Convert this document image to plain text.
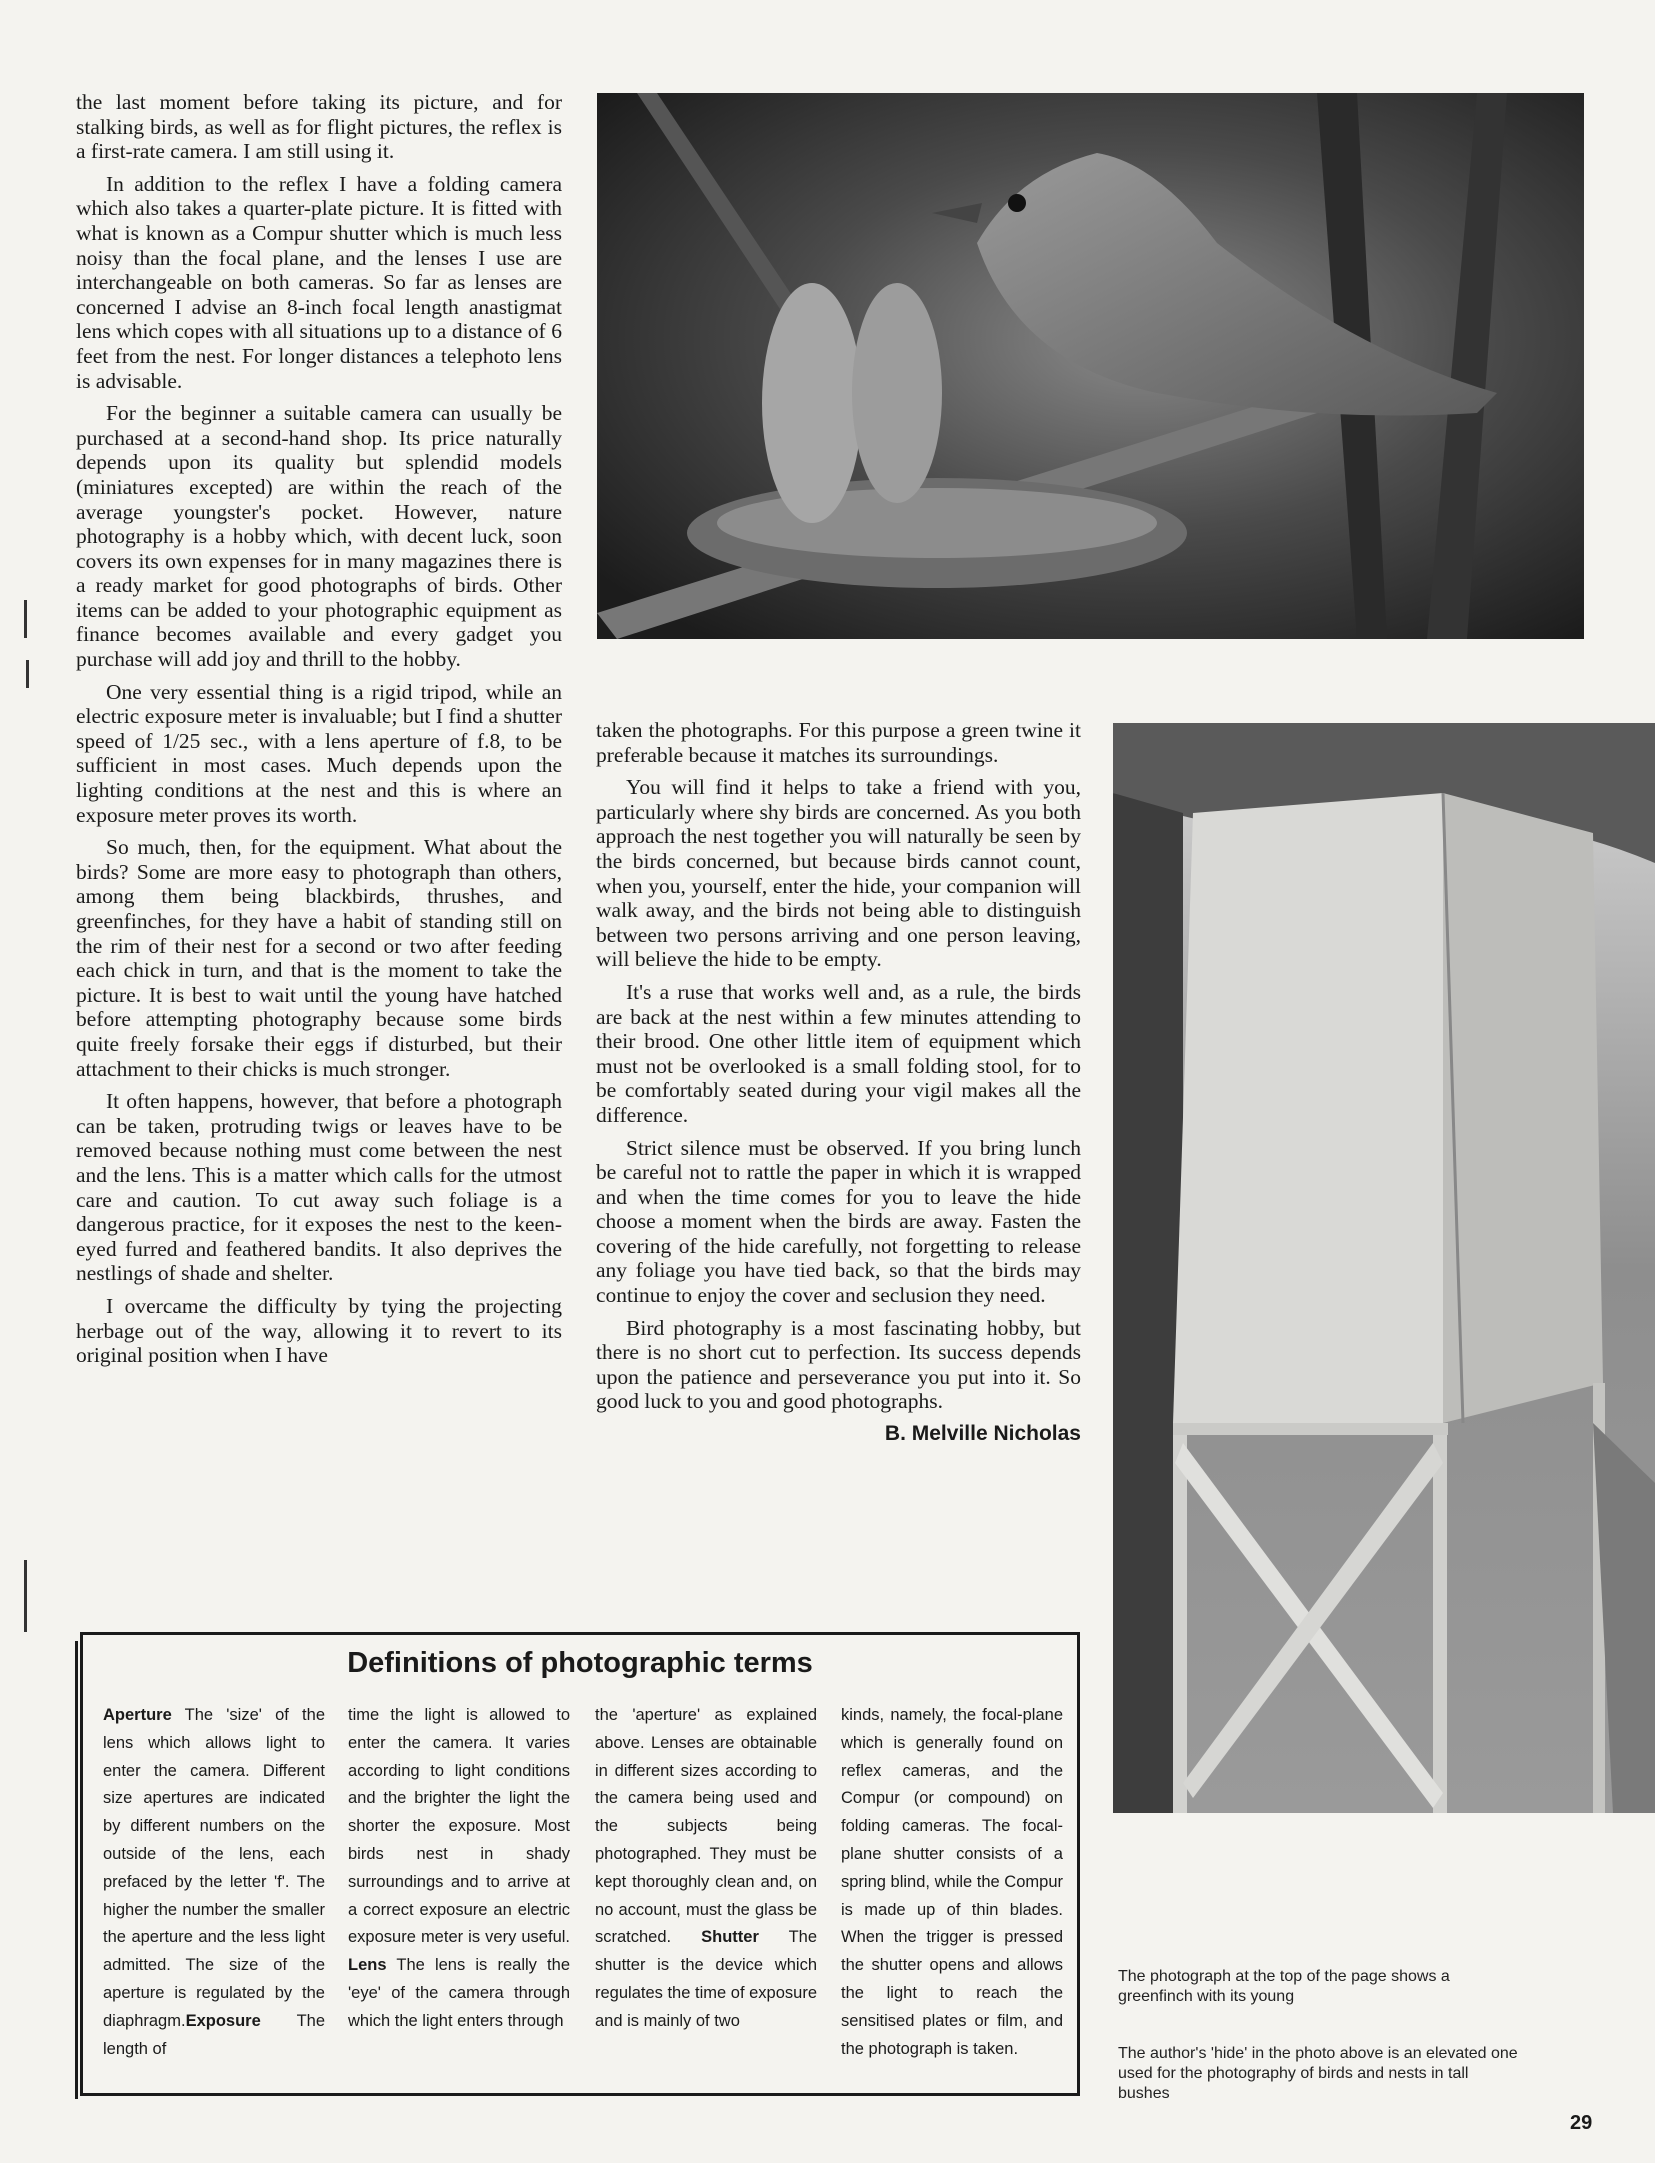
the last moment before taking its picture, and for stalking birds, as well as for flight pictures, the reflex is a first-rate camera. I am still using it.

In addition to the reflex I have a folding camera which also takes a quarter-plate picture. It is fitted with what is known as a Compur shutter which is much less noisy than the focal plane, and the lenses I use are interchangeable on both cameras. So far as lenses are concerned I advise an 8-inch focal length anastigmat lens which copes with all situations up to a distance of 6 feet from the nest. For longer distances a telephoto lens is advisable.

For the beginner a suitable camera can usually be purchased at a second-hand shop. Its price naturally depends upon its quality but splendid models (miniatures excepted) are within the reach of the average youngster's pocket. However, nature photography is a hobby which, with decent luck, soon covers its own expenses for in many magazines there is a ready market for good photographs of birds. Other items can be added to your photographic equipment as finance becomes available and every gadget you purchase will add joy and thrill to the hobby.

One very essential thing is a rigid tripod, while an electric exposure meter is invaluable; but I find a shutter speed of 1/25 sec., with a lens aperture of f.8, to be sufficient in most cases. Much depends upon the lighting conditions at the nest and this is where an exposure meter proves its worth.

So much, then, for the equipment. What about the birds? Some are more easy to photograph than others, among them being blackbirds, thrushes, and greenfinches, for they have a habit of standing still on the rim of their nest for a second or two after feeding each chick in turn, and that is the moment to take the picture. It is best to wait until the young have hatched before attempting photography because some birds quite freely forsake their eggs if disturbed, but their attachment to their chicks is much stronger.

It often happens, however, that before a photograph can be taken, protruding twigs or leaves have to be removed because nothing must come between the nest and the lens. This is a matter which calls for the utmost care and caution. To cut away such foliage is a dangerous practice, for it exposes the nest to the keen-eyed furred and feathered bandits. It also deprives the nestlings of shade and shelter.

I overcame the difficulty by tying the projecting herbage out of the way, allowing it to revert to its original position when I have

taken the photographs. For this purpose a green twine it preferable because it matches its surroundings.

You will find it helps to take a friend with you, particularly where shy birds are concerned. As you both approach the nest together you will naturally be seen by the birds concerned, but because birds cannot count, when you, yourself, enter the hide, your companion will walk away, and the birds not being able to distinguish between two persons arriving and one person leaving, will believe the hide to be empty.

It's a ruse that works well and, as a rule, the birds are back at the nest within a few minutes attending to their brood. One other little item of equipment which must not be overlooked is a small folding stool, for to be comfortably seated during your vigil makes all the difference.

Strict silence must be observed. If you bring lunch be careful not to rattle the paper in which it is wrapped and when the time comes for you to leave the hide choose a moment when the birds are away. Fasten the covering of the hide carefully, not forgetting to release any foliage you have tied back, so that the birds may continue to enjoy the cover and seclusion they need.

Bird photography is a most fascinating hobby, but there is no short cut to perfection. Its success depends upon the patience and perseverance you put into it. So good luck to you and good photographs.

B. Melville Nicholas
Definitions of photographic terms
Aperture The 'size' of the lens which allows light to enter the camera. Different size apertures are indicated by different numbers on the outside of the lens, each prefaced by the letter 'f'. The higher the number the smaller the aperture and the less light admitted. The size of the aperture is regulated by the diaphragm.Exposure The length of
time the light is allowed to enter the camera. It varies according to light conditions and the brighter the light the shorter the exposure. Most birds nest in shady surroundings and to arrive at a correct exposure an electric exposure meter is very useful. Lens The lens is really the 'eye' of the camera through which the light enters through
the 'aperture' as explained above. Lenses are obtainable in different sizes according to the camera being used and the subjects being photographed. They must be kept thoroughly clean and, on no account, must the glass be scratched. Shutter The shutter is the device which regulates the time of exposure and is mainly of two
kinds, namely, the focal-plane which is generally found on reflex cameras, and the Compur (or compound) on folding cameras. The focal-plane shutter consists of a spring blind, while the Compur is made up of thin blades. When the trigger is pressed the shutter opens and allows the light to reach the sensitised plates or film, and the photograph is taken.
The photograph at the top of the page shows a greenfinch with its young
The author's 'hide' in the photo above is an elevated one used for the photography of birds and nests in tall bushes
29
